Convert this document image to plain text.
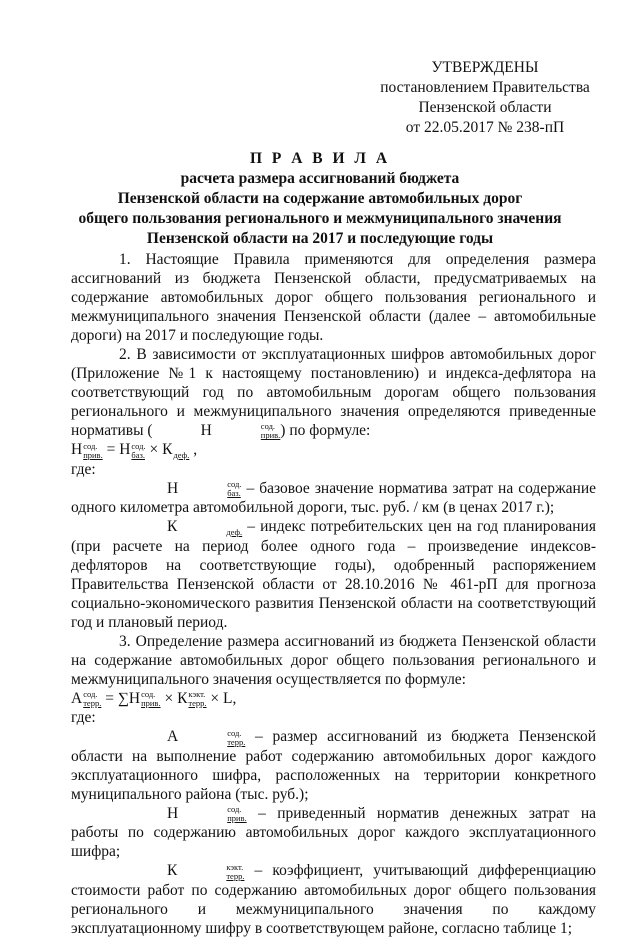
УТВЕРЖДЕНЫ
постановлением Правительства
Пензенской области
от 22.05.2017 № 238-пП
П Р А В И Л А
расчета размера ассигнований бюджета
Пензенской области на содержание автомобильных дорог
общего пользования регионального и межмуниципального значения
Пензенской области на 2017 и последующие годы

1. Настоящие Правила применяются для определения размера ассигнований из бюджета Пензенской области, предусматриваемых на содержание автомобильных дорог общего пользования регионального и межмуниципального значения Пензенской области (далее – автомобильные дороги) на 2017 и последующие годы.

2. В зависимости от эксплуатационных шифров автомобильных дорог (Приложение №1 к настоящему постановлению) и индекса-дефлятора на соответствующий год по автомобильным дорогам общего пользования регионального и межмуниципального значения определяются приведенные нормативы (	Н	сод.
прив. ) по формуле:

Н сод.
прив. = Н сод.
баз. × К
деф. ,

где:

Н	сод.
баз. – базовое значение норматива затрат на содержание одного километра автомобильной дороги, тыс. руб. / км (в ценах 2017 г.);

К
	деф. – индекс потребительских цен на год планирования (при расчете на период более одного года – произведение индексов-дефляторов на соответствующие годы), одобренный распоряжением Правительства Пензенской области от 28.10.2016 № 461-рП для прогноза социально-экономического развития Пензенской области на соответствующий год и плановый период.

3. Определение размера ассигнований из бюджета Пензенской области на содержание автомобильных дорог общего пользования регионального и межмуниципального значения осуществляется по формуле:

А сод.
терр. = ∑Н сод.
прив. × К кэкт.
терр. × L,

где:

А	сод.
терр. – размер ассигнований из бюджета Пензенской области на выполнение работ содержанию автомобильных дорог каждого эксплуатационного шифра, расположенных на территории конкретного муниципального района (тыс. руб.);

Н	сод.
прив. – приведенный норматив денежных затрат на работы по содержанию автомобильных дорог каждого эксплуатационного шифра;

К	кэкт.
терр. – коэффициент, учитывающий дифференциацию стоимости работ по содержанию автомобильных дорог общего пользования регионального и межмуниципального значения по каждому эксплуатационному шифру в соответствующем районе, согласно таблице 1;
